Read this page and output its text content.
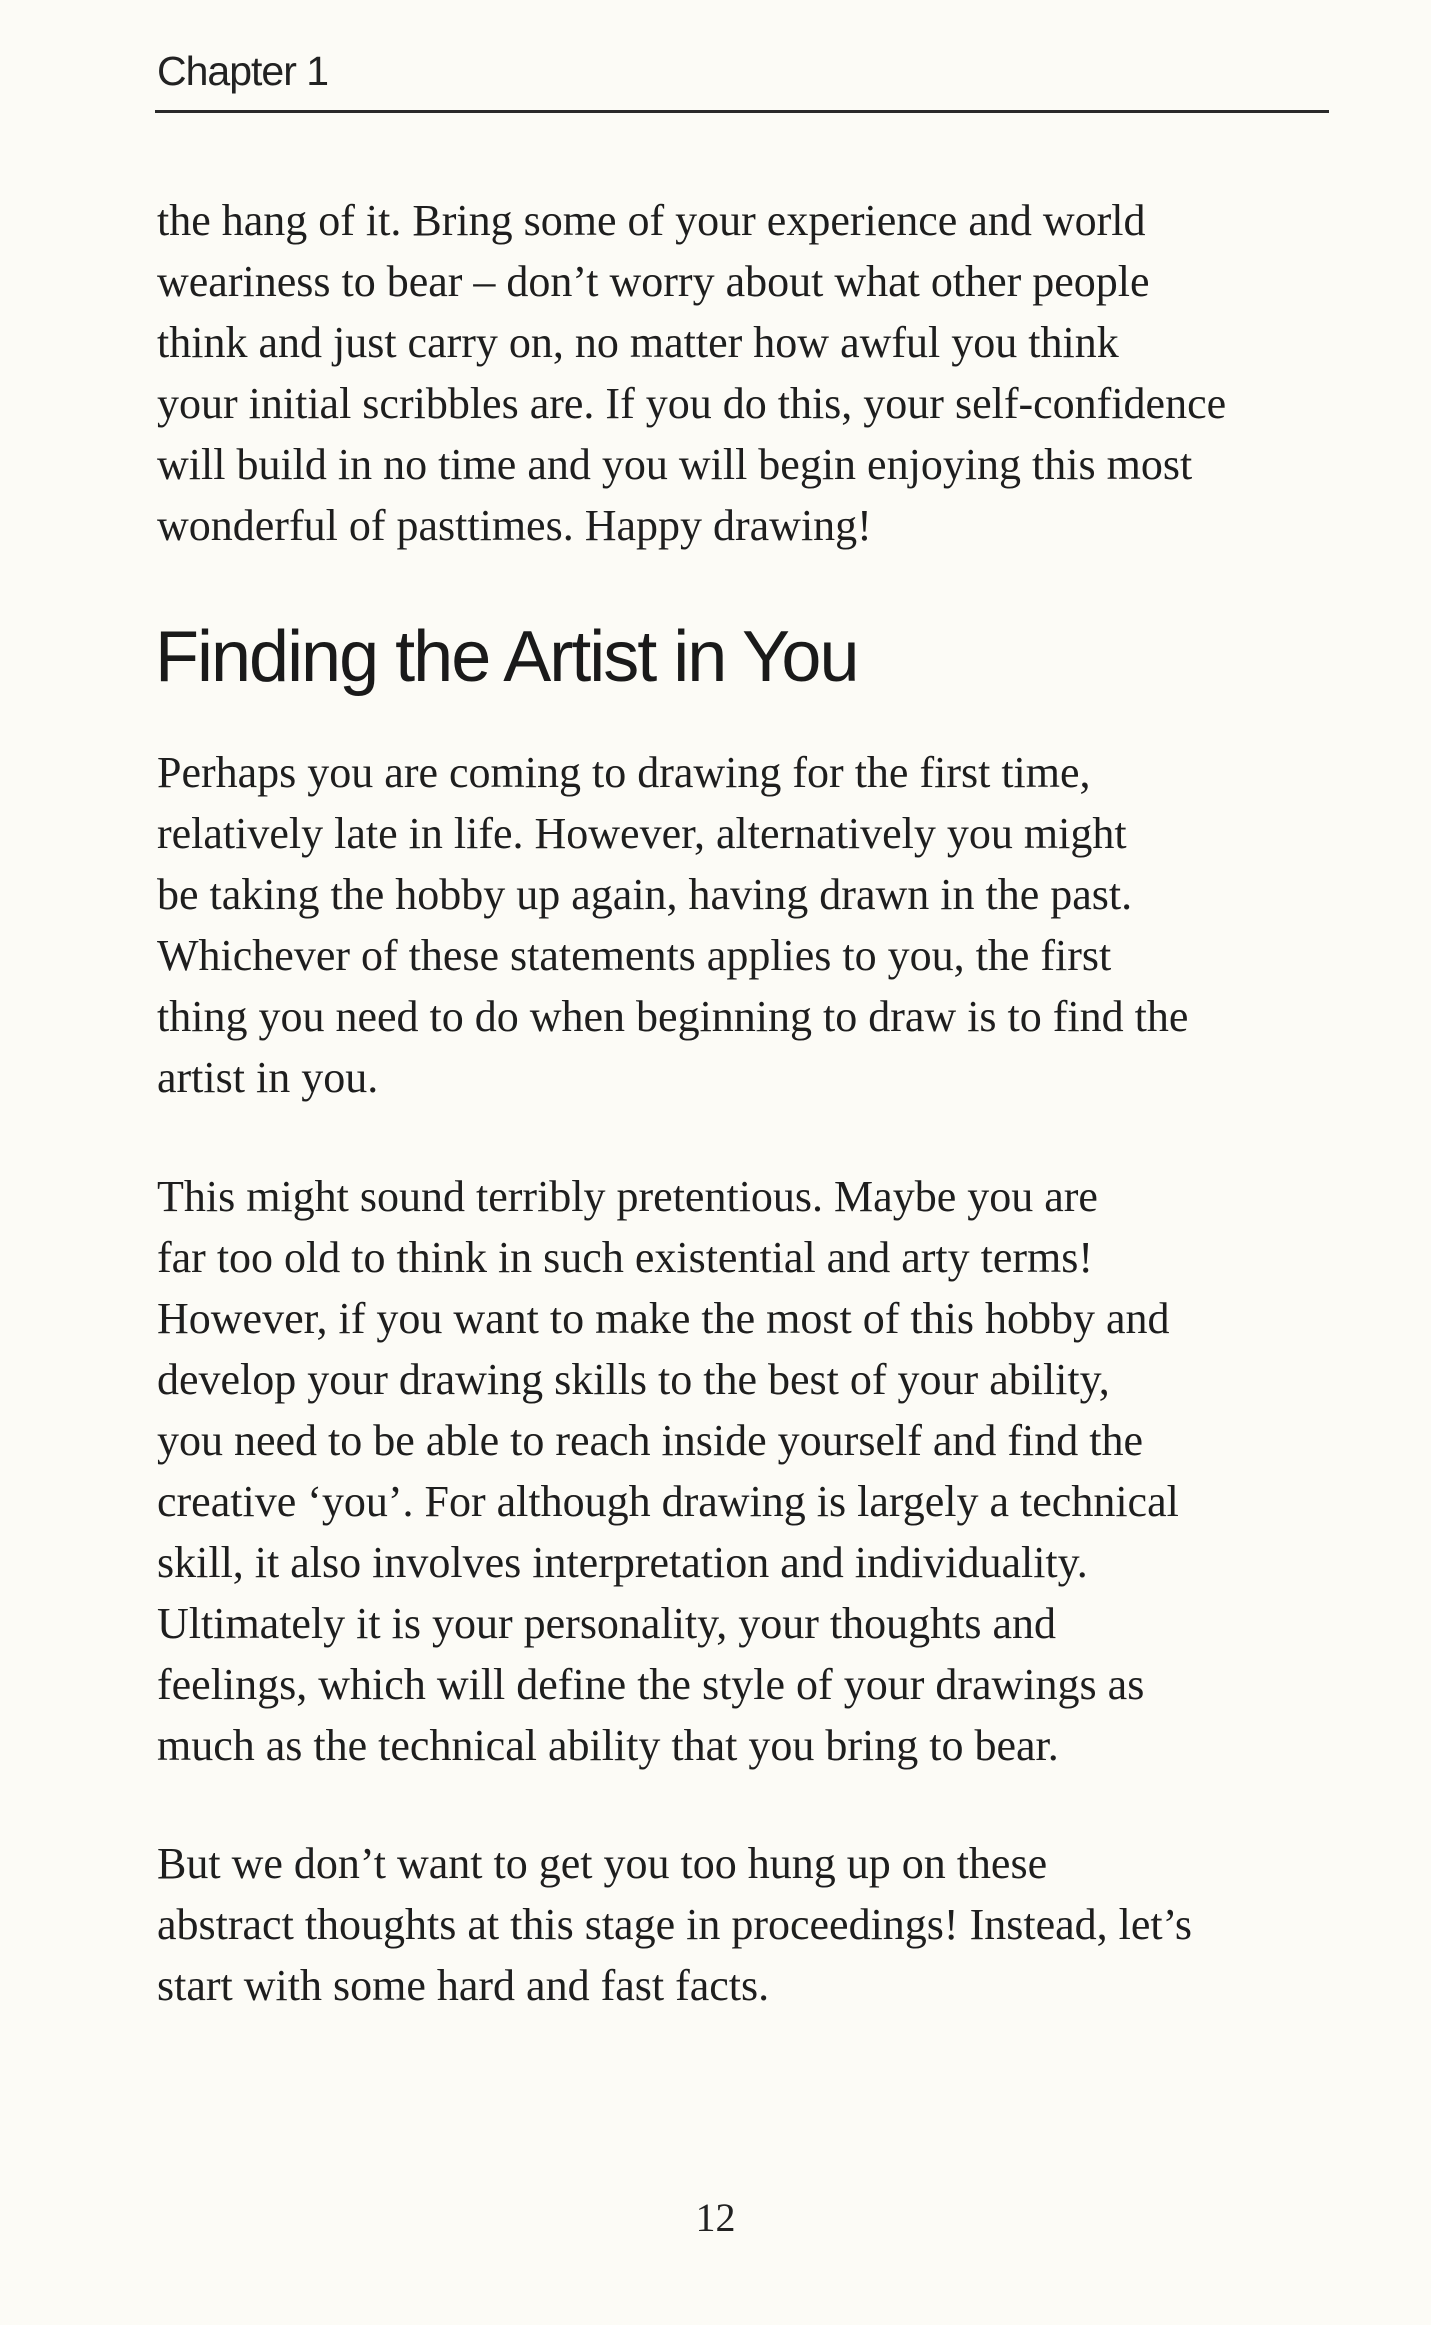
Chapter 1

the hang of it. Bring some of your experience and world
weariness to bear – don’t worry about what other people
think and just carry on, no matter how awful you think
your initial scribbles are. If you do this, your self-confidence
will build in no time and you will begin enjoying this most
wonderful of pasttimes. Happy drawing!

Finding the Artist in You

Perhaps you are coming to drawing for the first time,
relatively late in life. However, alternatively you might
be taking the hobby up again, having drawn in the past.
Whichever of these statements applies to you, the first
thing you need to do when beginning to draw is to find the
artist in you.

This might sound terribly pretentious. Maybe you are
far too old to think in such existential and arty terms!
However, if you want to make the most of this hobby and
develop your drawing skills to the best of your ability,
you need to be able to reach inside yourself and find the
creative ‘you’. For although drawing is largely a technical
skill, it also involves interpretation and individuality.
Ultimately it is your personality, your thoughts and
feelings, which will define the style of your drawings as
much as the technical ability that you bring to bear.

But we don’t want to get you too hung up on these
abstract thoughts at this stage in proceedings! Instead, let’s
start with some hard and fast facts.

12
